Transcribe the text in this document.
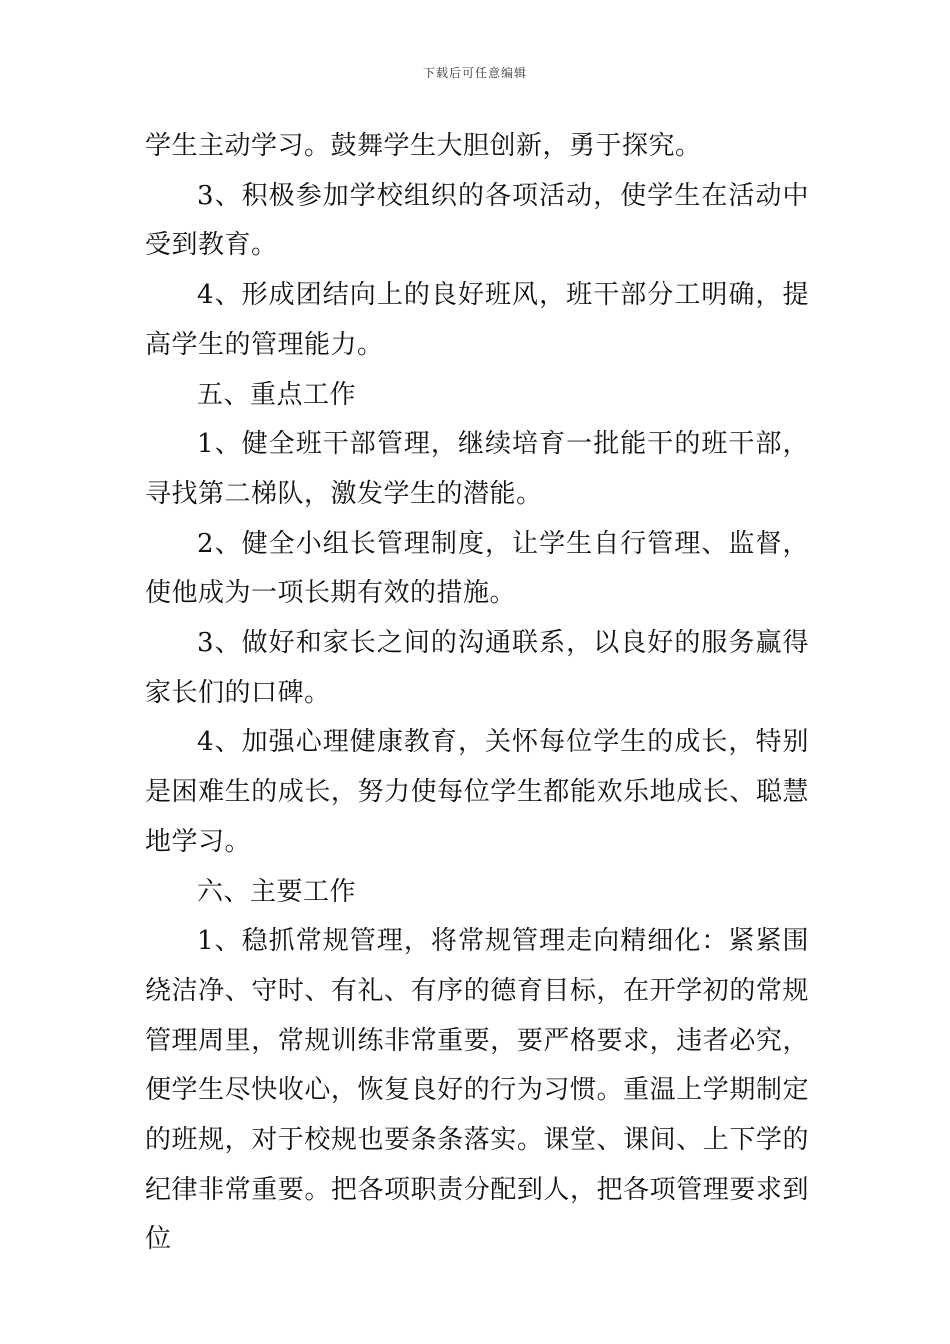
下载后可任意编辑

学生主动学习。鼓舞学生大胆创新，勇于探究。

3、积极参加学校组织的各项活动，使学生在活动中受到教育。

4、形成团结向上的良好班风，班干部分工明确，提高学生的管理能力。

五、重点工作

1、健全班干部管理，继续培育一批能干的班干部，寻找第二梯队，激发学生的潜能。

2、健全小组长管理制度，让学生自行管理、监督，使他成为一项长期有效的措施。

3、做好和家长之间的沟通联系，以良好的服务赢得家长们的口碑。

4、加强心理健康教育，关怀每位学生的成长，特别是困难生的成长，努力使每位学生都能欢乐地成长、聪慧地学习。

六、主要工作

1、稳抓常规管理，将常规管理走向精细化：紧紧围绕洁净、守时、有礼、有序的德育目标，在开学初的常规管理周里，常规训练非常重要，要严格要求，违者必究，便学生尽快收心，恢复良好的行为习惯。重温上学期制定的班规，对于校规也要条条落实。课堂、课间、上下学的纪律非常重要。把各项职责分配到人，把各项管理要求到位
